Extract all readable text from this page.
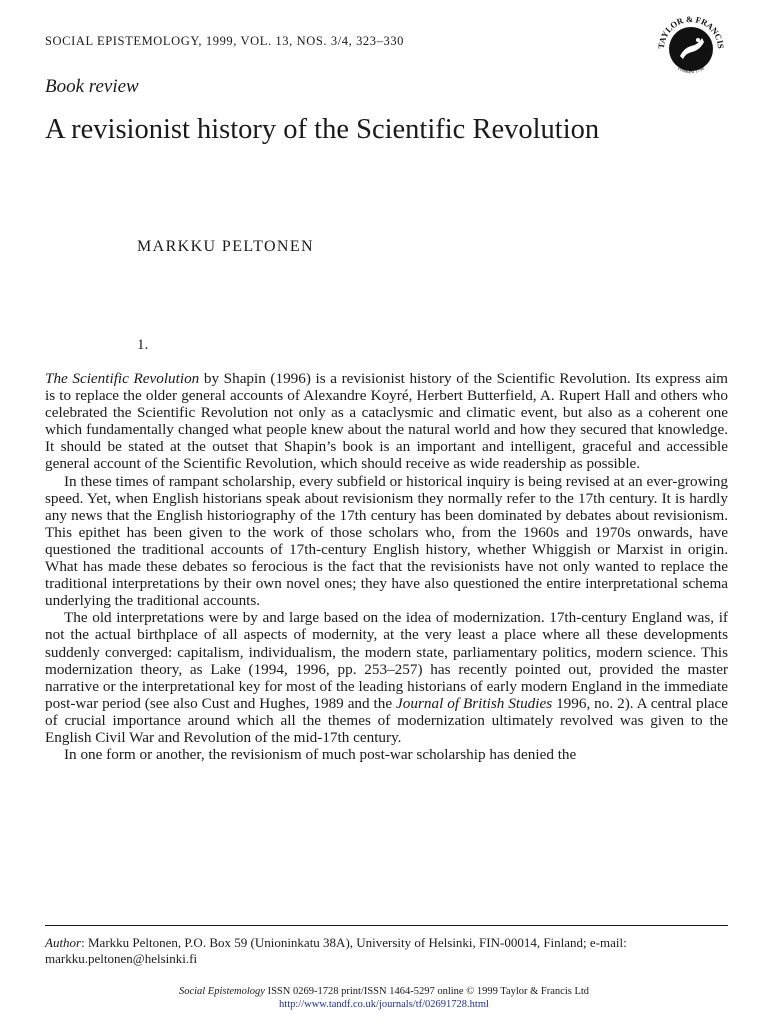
SOCIAL EPISTEMOLOGY, 1999, VOL. 13, NOS. 3/4, 323–330	TAYLOR & FRANCIS
Founded 1798
Book review
A revisionist history of the Scientific Revolution
MARKKU PELTONEN
1.

The Scientific Revolution by Shapin (1996) is a revisionist history of the Scientific Revolution. Its express aim is to replace the older general accounts of Alexandre Koyré, Herbert Butterfield, A. Rupert Hall and others who celebrated the Scientific Revolution not only as a cataclysmic and climatic event, but also as a coherent one which fundamentally changed what people knew about the natural world and how they secured that knowledge. It should be stated at the outset that Shapin’s book is an important and intelligent, graceful and accessible general account of the Scientific Revolution, which should receive as wide readership as possible.

In these times of rampant scholarship, every subfield or historical inquiry is being revised at an ever-growing speed. Yet, when English historians speak about revisionism they normally refer to the 17th century. It is hardly any news that the English historiography of the 17th century has been dominated by debates about revisionism. This epithet has been given to the work of those scholars who, from the 1960s and 1970s onwards, have questioned the traditional accounts of 17th-century English history, whether Whiggish or Marxist in origin. What has made these debates so ferocious is the fact that the revisionists have not only wanted to replace the traditional interpretations by their own novel ones; they have also questioned the entire interpretational schema underlying the traditional accounts.

The old interpretations were by and large based on the idea of modernization. 17th-century England was, if not the actual birthplace of all aspects of modernity, at the very least a place where all these developments suddenly converged: capitalism, individualism, the modern state, parliamentary politics, modern science. This modernization theory, as Lake (1994, 1996, pp. 253–257) has recently pointed out, provided the master narrative or the interpretational key for most of the leading historians of early modern England in the immediate post-war period (see also Cust and Hughes, 1989 and the Journal of British Studies 1996, no. 2). A central place of crucial importance around which all the themes of modernization ultimately revolved was given to the English Civil War and Revolution of the mid-17th century.

In one form or another, the revisionism of much post-war scholarship has denied the

Author: Markku Peltonen, P.O. Box 59 (Unioninkatu 38A), University of Helsinki, FIN-00014, Finland; e-mail: markku.peltonen@helsinki.fi
Social Epistemology ISSN 0269-1728 print/ISSN 1464-5297 online © 1999 Taylor & Francis Ltd
http://www.tandf.co.uk/journals/tf/02691728.html
